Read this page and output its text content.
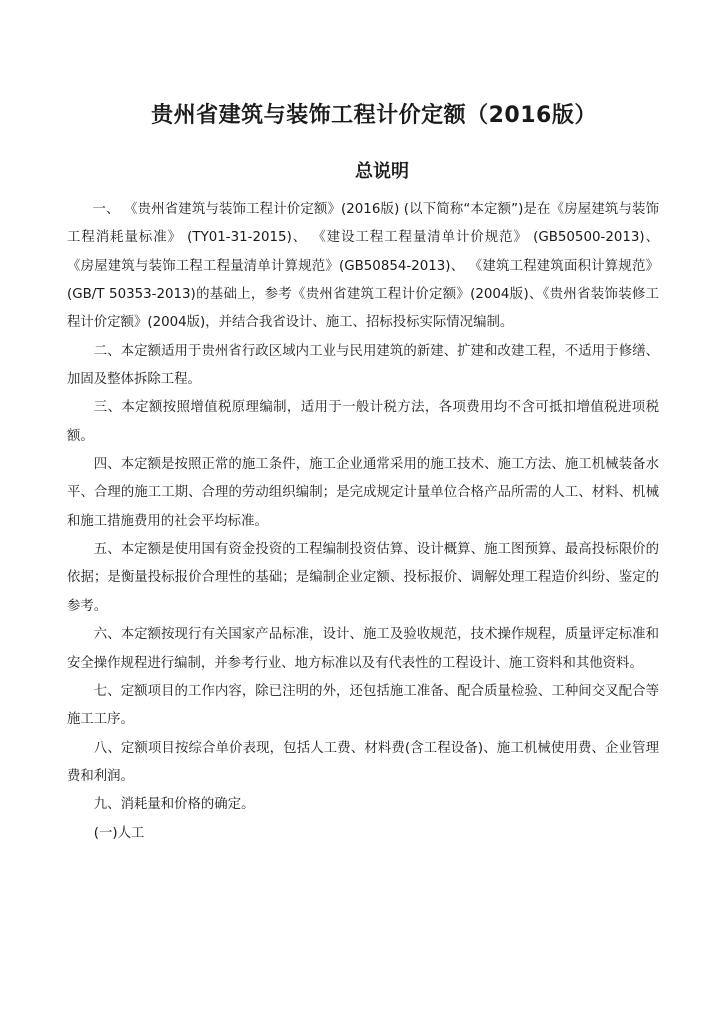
贵州省建筑与装饰工程计价定额（2016版）
总说明

一、 《贵州省建筑与装饰工程计价定额》(2016版) (以下简称“本定额”)是在《房屋建筑与装饰工程消耗量标准》 (TY01-31-2015)、 《建设工程工程量清单计价规范》 (GB50500-2013)、 《房屋建筑与装饰工程工程量清单计算规范》(GB50854-2013)、 《建筑工程建筑面积计算规范》(GB/T 50353-2013)的基础上，参考《贵州省建筑工程计价定额》(2004版)、《贵州省装饰装修工程计价定额》(2004版)，并结合我省设计、施工、招标投标实际情况编制。

二、本定额适用于贵州省行政区域内工业与民用建筑的新建、扩建和改建工程，不适用于修缮、加固及整体拆除工程。

三、本定额按照增值税原理编制，适用于一般计税方法，各项费用均不含可抵扣增值税进项税额。

四、本定额是按照正常的施工条件，施工企业通常采用的施工技术、施工方法、施工机械装备水平、合理的施工工期、合理的劳动组织编制；是完成规定计量单位合格产品所需的人工、材料、机械和施工措施费用的社会平均标准。

五、本定额是使用国有资金投资的工程编制投资估算、设计概算、施工图预算、最高投标限价的依据；是衡量投标报价合理性的基础；是编制企业定额、投标报价、调解处理工程造价纠纷、鉴定的参考。

六、本定额按现行有关国家产品标准，设计、施工及验收规范，技术操作规程，质量评定标准和安全操作规程进行编制，并参考行业、地方标准以及有代表性的工程设计、施工资料和其他资料。

七、定额项目的工作内容，除已注明的外，还包括施工准备、配合质量检验、工种间交叉配合等施工工序。

八、定额项目按综合单价表现，包括人工费、材料费(含工程设备)、施工机械使用费、企业管理费和利润。

九、消耗量和价格的确定。

(一)人工
